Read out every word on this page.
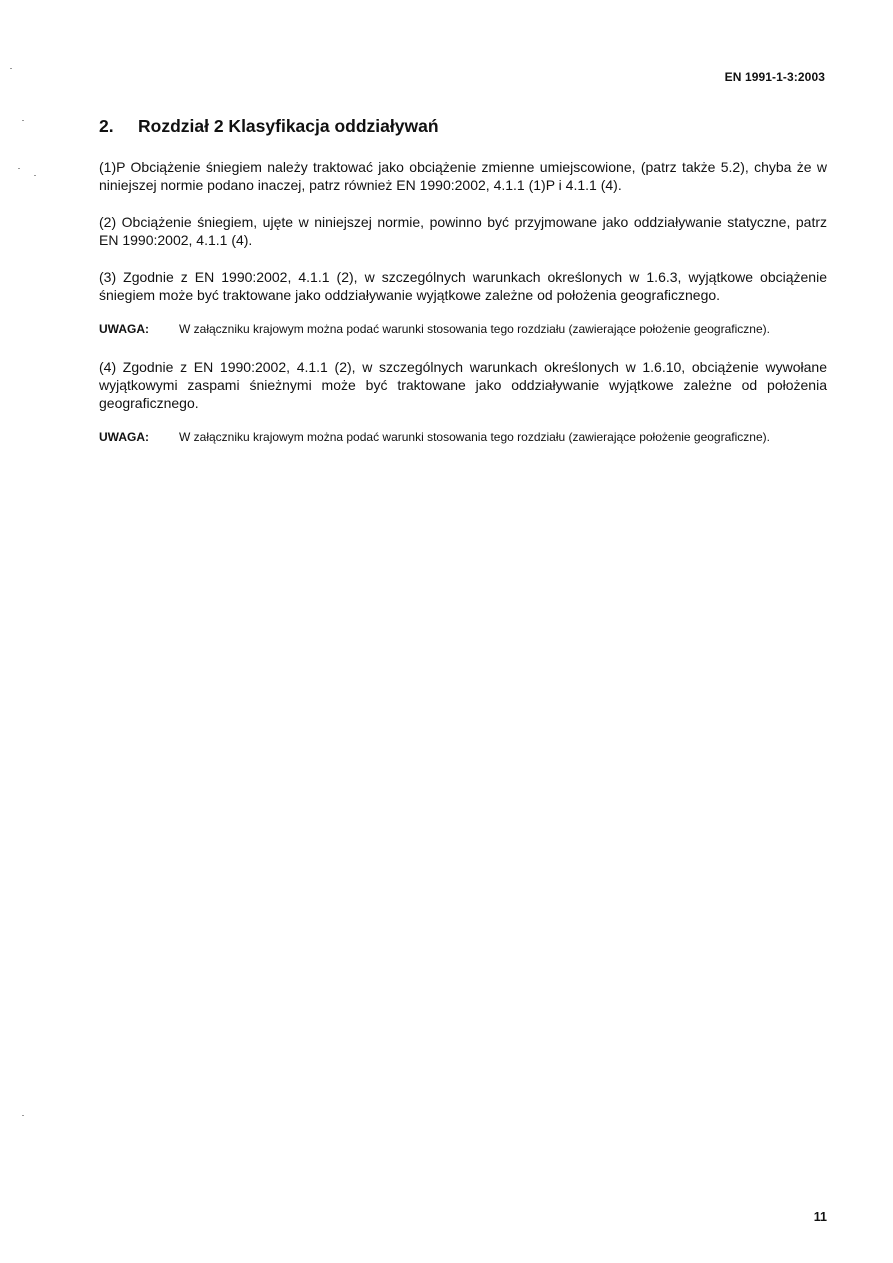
EN 1991-1-3:2003
2.	Rozdział 2 Klasyfikacja oddziaływań

(1)P Obciążenie śniegiem należy traktować jako obciążenie zmienne umiejscowione, (patrz także 5.2), chyba że w niniejszej normie podano inaczej, patrz również EN 1990:2002, 4.1.1 (1)P i 4.1.1 (4).

(2) Obciążenie śniegiem, ujęte w niniejszej normie, powinno być przyjmowane jako oddziaływanie statyczne, patrz EN 1990:2002, 4.1.1 (4).

(3) Zgodnie z EN 1990:2002, 4.1.1 (2), w szczególnych warunkach określonych w 1.6.3, wyjątkowe obciążenie śniegiem może być traktowane jako oddziaływanie wyjątkowe zależne od położenia geograficznego.

UWAGA:	W załączniku krajowym można podać warunki stosowania tego rozdziału (zawierające położenie geograficzne).

(4) Zgodnie z EN 1990:2002, 4.1.1 (2), w szczególnych warunkach określonych w 1.6.10, obciążenie wywołane wyjątkowymi zaspami śnieżnymi może być traktowane jako oddziaływanie wyjątkowe zależne od położenia geograficznego.

UWAGA:	W załączniku krajowym można podać warunki stosowania tego rozdziału (zawierające położenie geograficzne).
11
